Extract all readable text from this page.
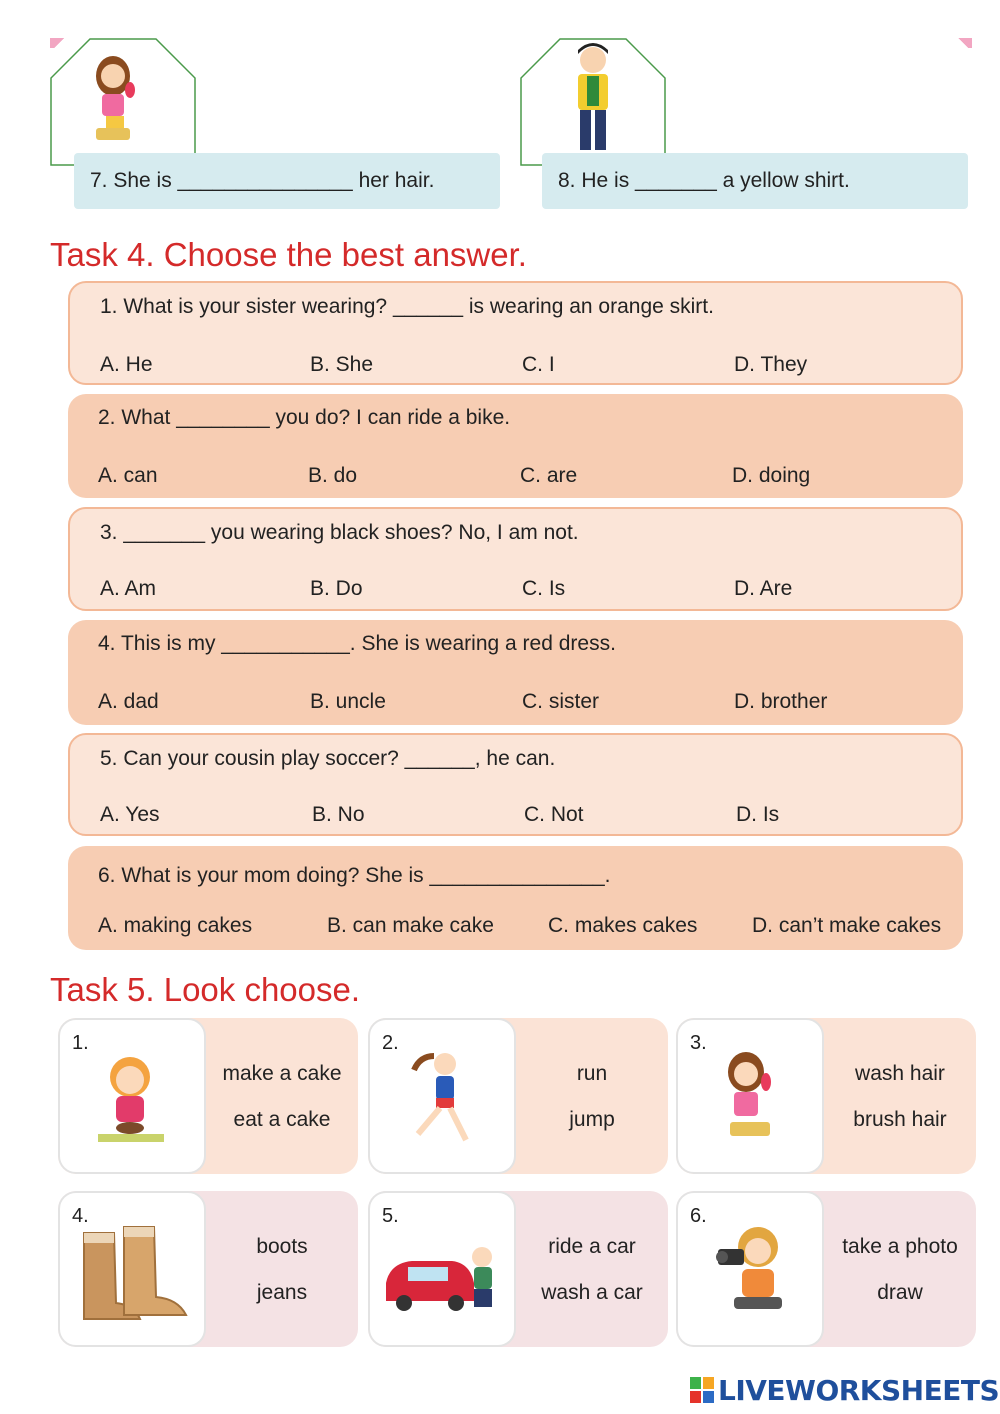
7. She is _______________ her hair.	8. He is _______ a yellow shirt.
Task 4. Choose the best answer.
1. What is your sister wearing? ______ is wearing an orange skirt.
A. He	B. She	C. I	D. They
2. What ________ you do? I can ride a bike.
A. can	B. do	C. are	D. doing
3. _______ you wearing black shoes? No, I am not.
A. Am	B. Do	C. Is	D. Are
4. This is my ___________. She is wearing a red dress.
A. dad	B. uncle	C. sister	D. brother
5. Can your cousin play soccer? ______, he can.
A. Yes	B. No	C. Not	D. Is
6. What is your mom doing? She is _______________.
A. making cakes	B. can make cake	C. makes cakes	D. can’t make cakes
Task 5. Look choose.
1.
make a cake
eat a cake
2.
run
jump
3.
wash hair
brush hair
4.
boots
jeans
5.
ride a car
wash a car
6.
take a photo
draw
LIVEWORKSHEETS
